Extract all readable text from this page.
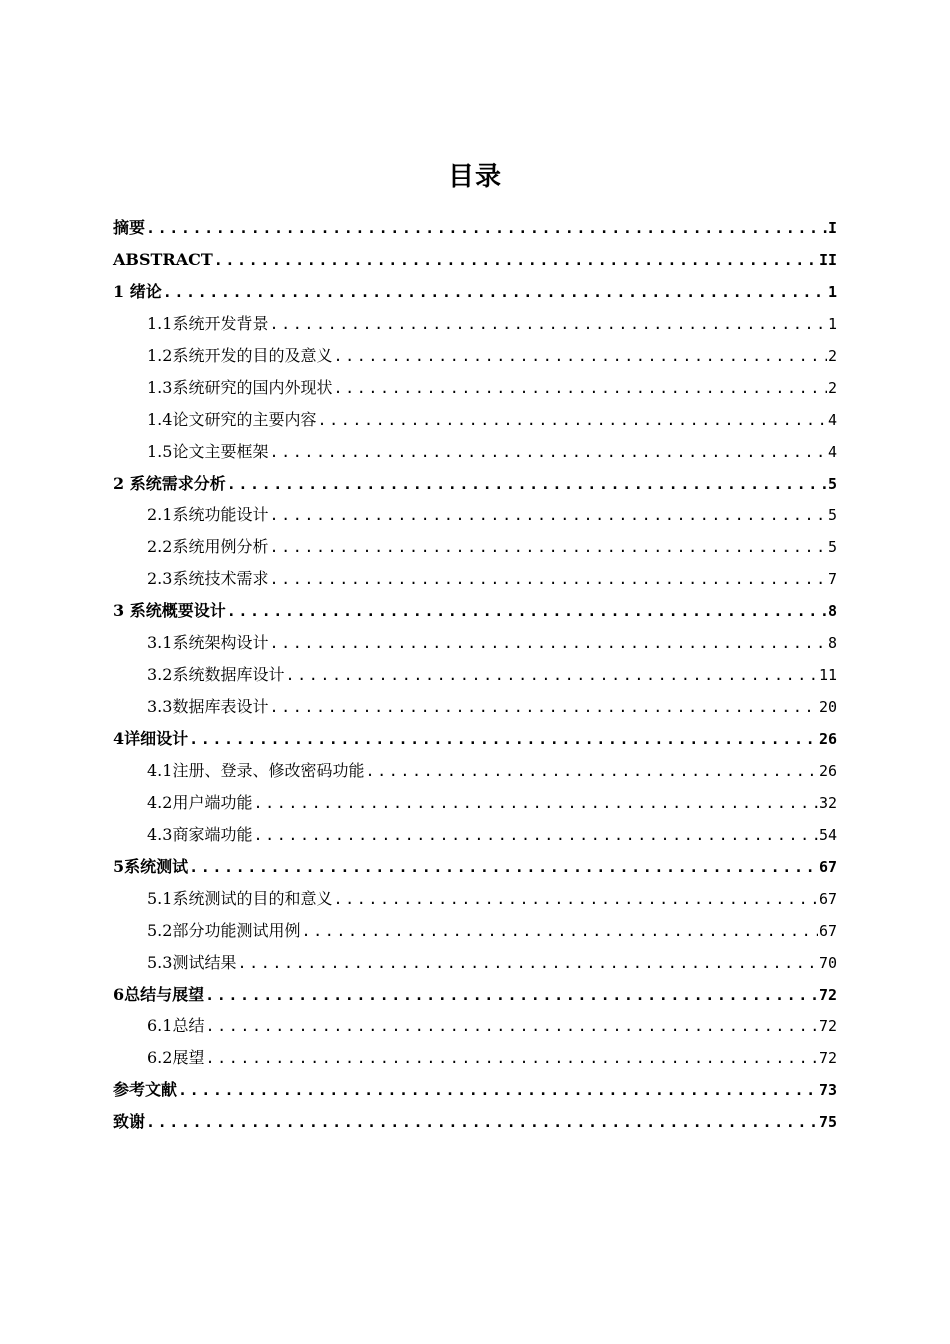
目录
摘要 .....	I
ABSTRACT .....	II
1 绪论 .....	1
1.1系统开发背景 .....	1
1.2系统开发的目的及意义 .....	2
1.3系统研究的国内外现状 .....	2
1.4论文研究的主要内容 .....	4
1.5论文主要框架 .....	4
2 系统需求分析 .....	5
2.1系统功能设计 .....	5
2.2系统用例分析 .....	5
2.3系统技术需求 .....	7
3 系统概要设计 .....	8
3.1系统架构设计 .....	8
3.2系统数据库设计 .....	11
3.3数据库表设计 .....	20
4详细设计 .....	26
4.1注册、登录、修改密码功能 .....	26
4.2用户端功能 .....	32
4.3商家端功能 .....	54
5系统测试 .....	67
5.1系统测试的目的和意义 .....	67
5.2部分功能测试用例 .....	67
5.3测试结果 .....	70
6总结与展望 .....	72
6.1总结 .....	72
6.2展望 .....	72
参考文献 .....	73
致谢 .....	75
